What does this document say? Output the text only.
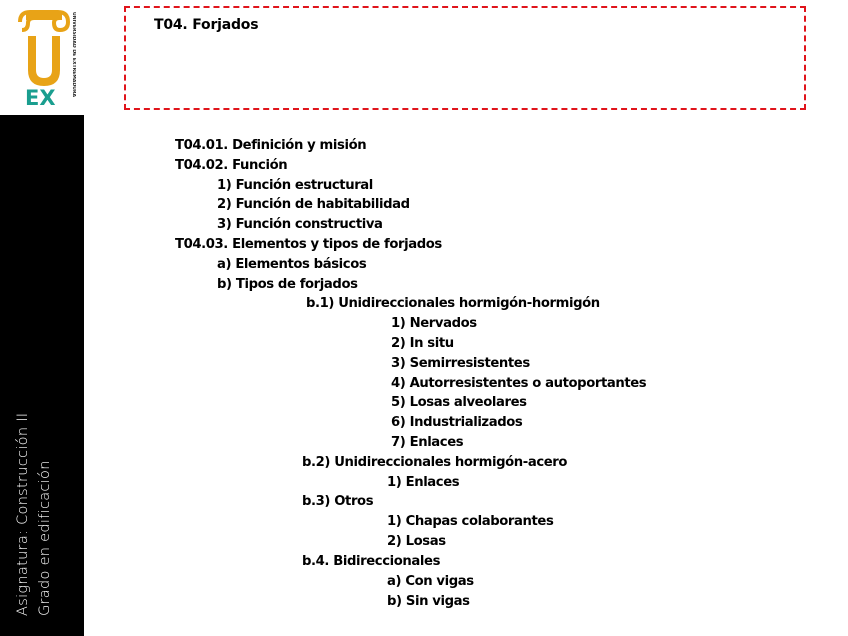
EX
UNIVERSIDAD DE EXTREMADURA
Asignatura: Construcción II Grado en edificación
T04. Forjados
T04.01. Definición y misión
T04.02. Función
1) Función estructural
2) Función de habitabilidad
3) Función constructiva
T04.03. Elementos y tipos de forjados
a) Elementos básicos
b) Tipos de forjados
b.1) Unidireccionales hormigón-hormigón
1) Nervados
2) In situ
3) Semirresistentes
4) Autorresistentes o autoportantes
5) Losas alveolares
6) Industrializados
7) Enlaces
b.2) Unidireccionales hormigón-acero
1) Enlaces
b.3) Otros
1) Chapas colaborantes
2) Losas
b.4. Bidireccionales
a) Con vigas
b) Sin vigas
